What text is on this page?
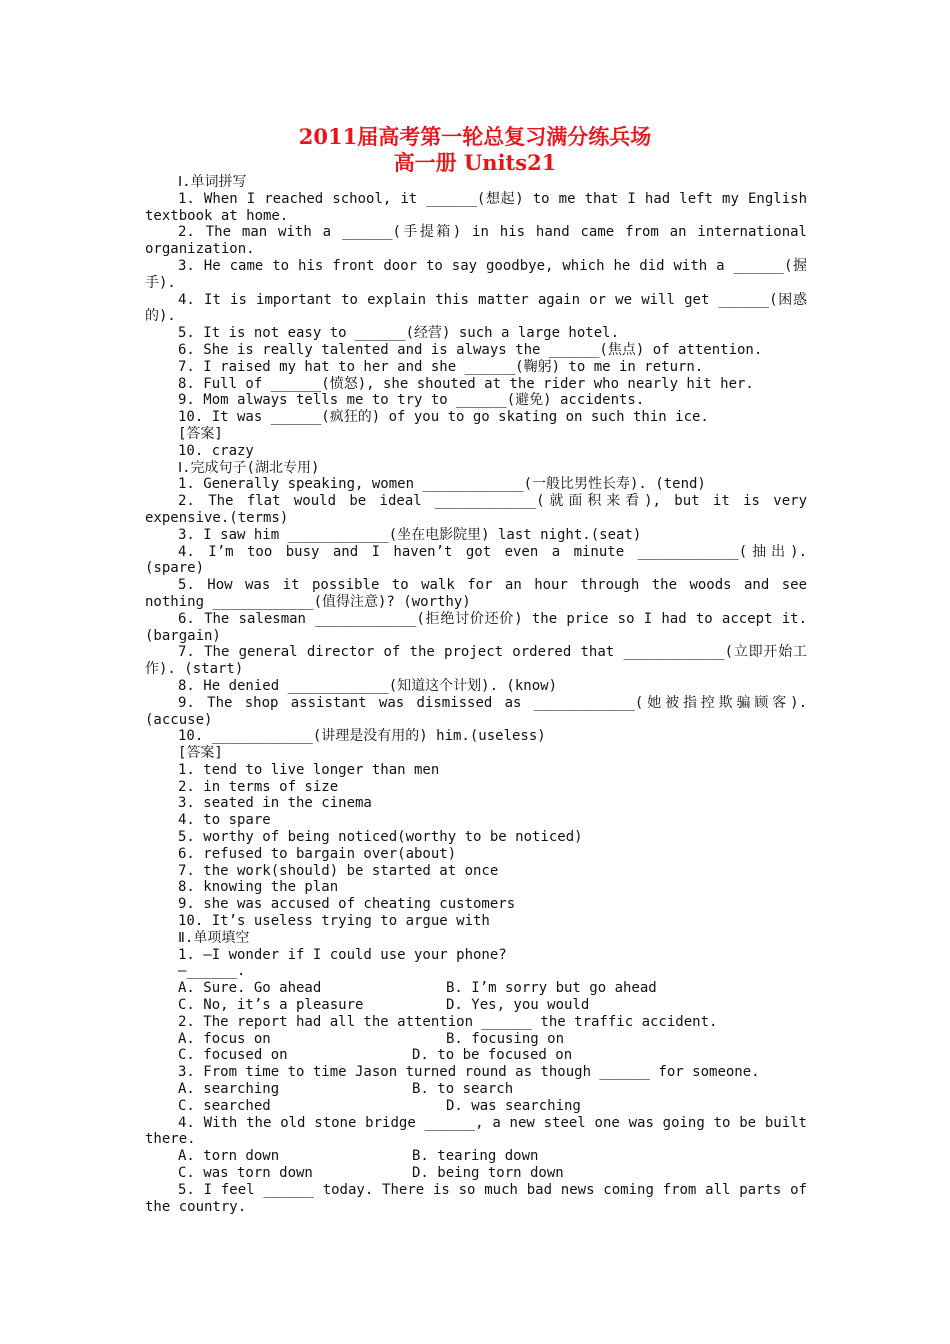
2011届高考第一轮总复习满分练兵场
高一册 Units21
Ⅰ.单词拼写
1. When I reached school, it ______(想起) to me that I had left my English
textbook at home.
2. The man with a ______(手提箱) in his hand came from an international
organization.
3. He came to his front door to say goodbye, which he did with a ______(握
手).
4. It is important to explain this matter again or we will get ______(困惑
的).
5. It is not easy to ______(经营) such a large hotel.
6. She is really talented and is always the ______(焦点) of attention.
7. I raised my hat to her and she ______(鞠躬) to me in return.
8. Full of ______(愤怒), she shouted at the rider who nearly hit her.
9. Mom always tells me to try to ______(避免) accidents.
10. It was ______(疯狂的) of you to go skating on such thin ice.
[答案]
10. crazy
Ⅰ.完成句子(湖北专用)
1. Generally speaking, women ____________(一般比男性长寿). (tend)
2. The flat would be ideal ____________(就面积来看), but it is very
expensive.(terms)
3. I saw him ____________(坐在电影院里) last night.(seat)
4. I’m too busy and I haven’t got even a minute ____________(抽出).
(spare)
5. How was it possible to walk for an hour through the woods and see
nothing ____________(值得注意)? (worthy)
6. The salesman ____________(拒绝讨价还价) the price so I had to accept it.
(bargain)
7. The general director of the project ordered that ____________(立即开始工
作). (start)
8. He denied ____________(知道这个计划). (know)
9. The shop assistant was dismissed as ____________(她被指控欺骗顾客).
(accuse)
10. ____________(讲理是没有用的) him.(useless)
[答案]
1. tend to live longer than men
2. in terms of size
3. seated in the cinema
4. to spare
5. worthy of being noticed(worthy to be noticed)
6. refused to bargain over(about)
7. the work(should) be started at once
8. knowing the plan
9. she was accused of cheating customers
10. It’s useless trying to argue with
Ⅱ.单项填空
1. —I wonder if I could use your phone?
—______.
A. Sure. Go ahead	B. I’m sorry but go ahead
C. No, it’s a pleasure	D. Yes, you would
2. The report had all the attention ______ the traffic accident.
A. focus on	B. focusing on
C. focused on	D. to be focused on
3. From time to time Jason turned round as though ______ for someone.
A. searching	B. to search
C. searched	D. was searching
4. With the old stone bridge ______, a new steel one was going to be built
there.
A. torn down	B. tearing down
C. was torn down	D. being torn down
5. I feel ______ today. There is so much bad news coming from all parts of
the country.
